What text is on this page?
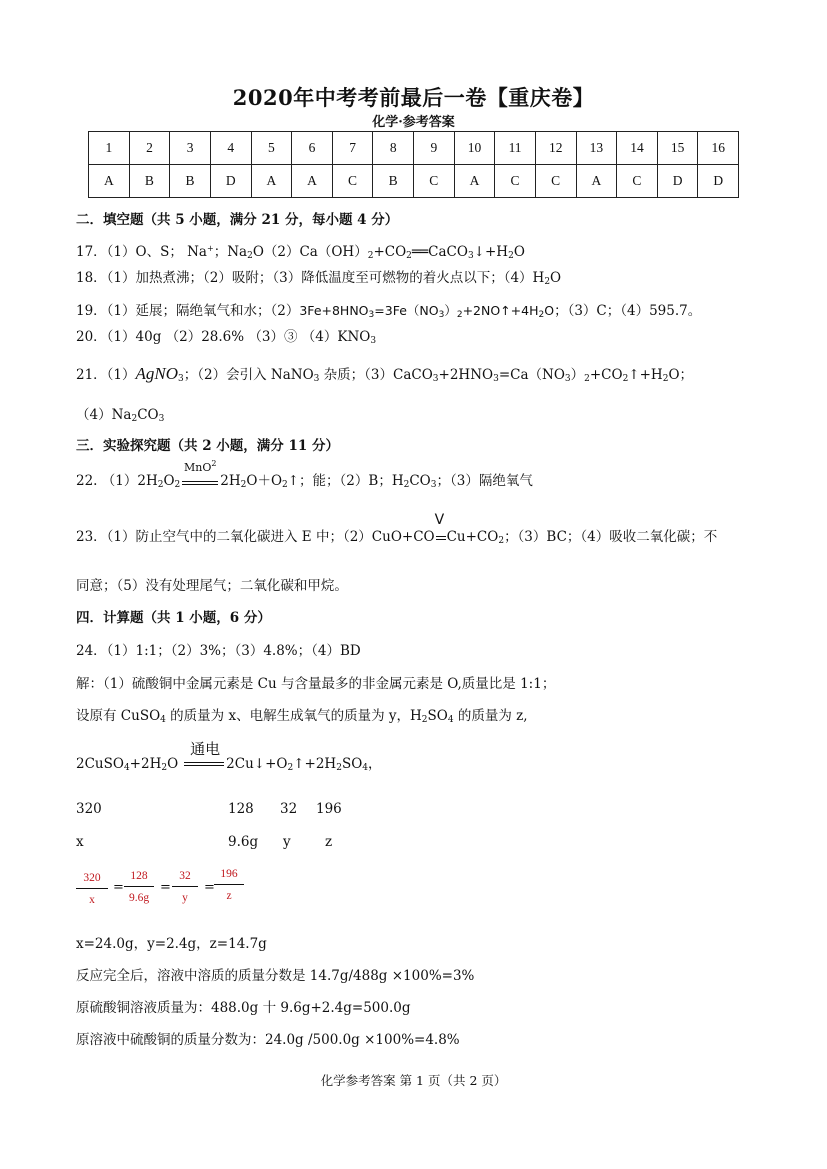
2020年中考考前最后一卷【重庆卷】
化学·参考答案
1	2	3	4	5	6	7	8	9	10	11	12	13	14	15	16
A	B	B	D	A	A	C	B	C	A	C	C	A	C	D	D
二．填空题（共 5 小题，满分 21 分，每小题 4 分）
17．（1）O、S； Na+；$Na_2O(2)Ca(OH)_2+CO_2══CaCO_3↓+H_2O$
18．（1）加热煮沸；（2）吸附；（3）降低温度至可燃物的着火点以下；$(4)H_2O$
19．（1）延展；隔绝氧气和水；$(2)3Fe+8HNO_3=3Fe(NO_3)_2+2NO↑+4H_2O$；（3）C；（4）595.7。
20．（1）40g （2）28.6% （3）③ $(4)KNO_3$
21．（1）AgNO$_3$；（2）会引入 NaNO$_3$ 杂质；$(3)CaCO_3+2HNO_3=Ca(NO_3)_2+CO_2↑+H_2O$；
$(4)Na_2CO_3$
三．实验探究题（共 2 小题，满分 11 分）
22. $(1)2H_2O_2$
MnO$^2$
$2H_2O+O_2↑$；能；（2）B；$H_2CO_3$；（3）隔绝氧气
23．（1）防止空气中的二氧化碳进入 E 中；（2）CuO+CO
V
$Cu+CO_2$；（3）BC；（4）吸收二氧化碳；不
同意；（5）没有处理尾气；二氧化碳和甲烷。
四．计算题（共 1 小题，6 分）
24．（1）1:1；（2）3%；（3）4.8%；（4）BD
解：（1）硫酸铜中金属元素是 Cu 与含量最多的非金属元素是 O,质量比是 1:1；
设原有 CuSO$_4$ 的质量为 x、电解生成氧气的质量为 y，$H_2SO_4$ 的质量为 z,
$2CuSO_4+2H_2O$
通电
$2Cu↓+O_2↑+2H_2SO_4$，
320	128 32 196
x	9.6g y	z
320
x
=
128
9.6g
=
32
y
=
196
z
x=24.0g，y=2.4g，z=14.7g
反应完全后，溶液中溶质的质量分数是 14.7g/488g ×100%=3%
原硫酸铜溶液质量为：488.0g 十 9.6g+2.4g=500.0g
原溶液中硫酸铜的质量分数为：24.0g /500.0g ×100%=4.8%
化学参考答案 第 1 页（共 2 页）
